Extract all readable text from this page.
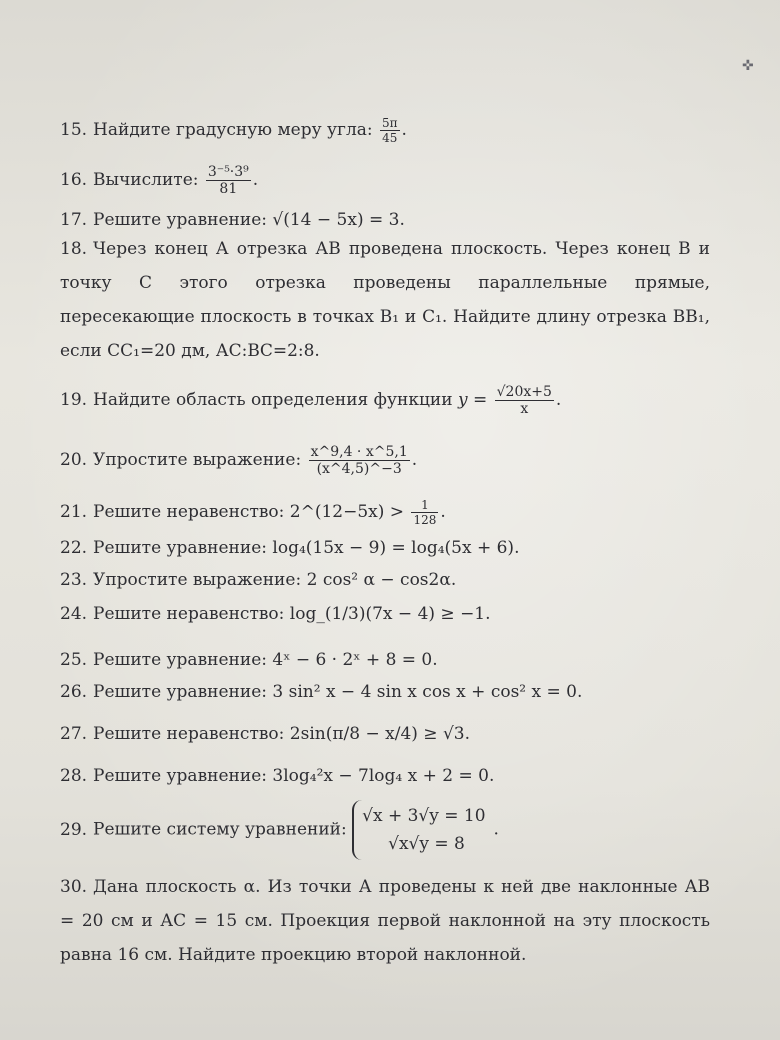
✜
15. Найдите градусную меру угла: $\frac{5\pi}{45}$ .
16. Вычислите: $\frac{\text{3⁻⁵·3⁹}}{81}$ .
17. Решите уравнение: √(14 − 5x) = 3.
18. Через конец А отрезка АВ проведена плоскость. Через конец В и точку С этого отрезка проведены параллельные прямые, пересекающие плоскость в точках В₁ и С₁. Найдите длину отрезка ВВ₁, если СС₁=20 дм, АС:ВС=2:8.
19. Найдите область определения функции $y = \frac{√20x+5}{x}$ .
20. Упростите выражение: $\frac{x\^{}9,4 \cdot x\^{}5,1}{(x\^{}4,5)\^{}-3}$ .
21. Решите неравенство: 2^(12−5x) > $\frac{1}{128}$ .
22. Решите уравнение: log₄(15x − 9) = log₄(5x + 6).
23. Упростите выражение: 2 cos² α − cos2α.
24. Решите неравенство: log_(1/3)(7x − 4) ≥ −1.
25. Решите уравнение: 4ˣ − 6 · 2ˣ + 8 = 0.
26. Решите уравнение: 3 sin² x − 4 sin x cos x + cos² x = 0.
27. Решите неравенство: 2sin(π/8 − x/4) ≥ √3.
28. Решите уравнение: 3log₄²x − 7log₄ x + 2 = 0.
29. Решите систему уравнений:
√x + 3√y = 10
√x√y = 8
.
30. Дана плоскость α. Из точки А проведены к ней две наклонные АВ = 20 см и АС = 15 см. Проекция первой наклонной на эту плоскость равна 16 см. Найдите проекцию второй наклонной.
